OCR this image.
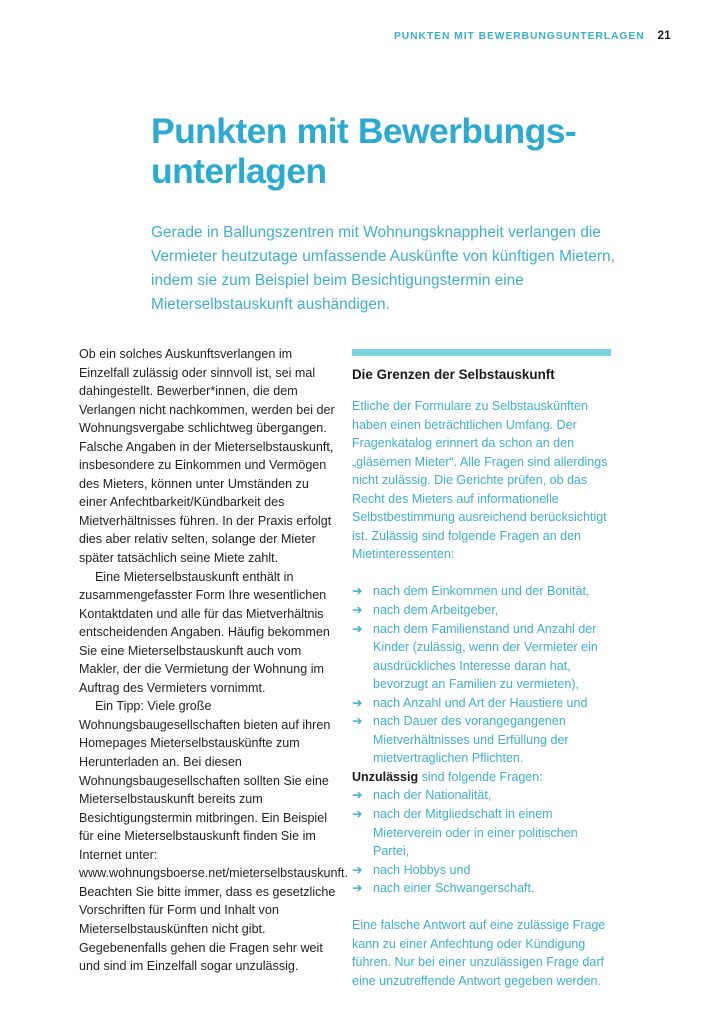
PUNKTEN MIT BEWERBUNGSUNTERLAGEN 21
Punkten mit Bewerbungsunterlagen

Gerade in Ballungszentren mit Wohnungsknappheit verlangen die Vermieter heutzutage umfassende Auskünfte von künftigen Mietern, indem sie zum Beispiel beim Besichtigungstermin eine Mieterselbstauskunft aushändigen.

Ob ein solches Auskunftsverlangen im Einzelfall zulässig oder sinnvoll ist, sei mal dahingestellt. Bewerber*innen, die dem Verlangen nicht nachkommen, werden bei der Wohnungsvergabe schlichtweg übergangen. Falsche Angaben in der Mieterselbstauskunft, insbesondere zu Einkommen und Vermögen des Mieters, können unter Umständen zu einer Anfechtbarkeit/Kündbarkeit des Mietverhältnisses führen. In der Praxis erfolgt dies aber relativ selten, solange der Mieter später tatsächlich seine Miete zahlt.

Eine Mieterselbstauskunft enthält in zusammengefasster Form Ihre wesentlichen Kontaktdaten und alle für das Mietverhältnis entscheidenden Angaben. Häufig bekommen Sie eine Mieterselbstauskunft auch vom Makler, der die Vermietung der Wohnung im Auftrag des Vermieters vornimmt.

Ein Tipp: Viele große Wohnungsbaugesellschaften bieten auf ihren Homepages Mieterselbstauskünfte zum Herunterladen an. Bei diesen Wohnungsbaugesellschaften sollten Sie eine Mieterselbstauskunft bereits zum Besichtigungstermin mitbringen. Ein Beispiel für eine Mieterselbstauskunft finden Sie im Internet unter: www.wohnungsboerse.net/mieterselbstauskunft. Beachten Sie bitte immer, dass es gesetzliche Vorschriften für Form und Inhalt von Mieterselbstauskünften nicht gibt. Gegebenenfalls gehen die Fragen sehr weit und sind im Einzelfall sogar unzulässig.

Die Grenzen der Selbstauskunft

Etliche der Formulare zu Selbstauskünften haben einen beträchtlichen Umfang. Der Fragenkatalog erinnert da schon an den „gläsernen Mieter“. Alle Fragen sind allerdings nicht zulässig. Die Gerichte prüfen, ob das Recht des Mieters auf informationelle Selbstbestimmung ausreichend berücksichtigt ist. Zulässig sind folgende Fragen an den Mietinteressenten:

➔ nach dem Einkommen und der Bonität,
➔ nach dem Arbeitgeber,
➔ nach dem Familienstand und Anzahl der Kinder (zulässig, wenn der Vermieter ein ausdrückliches Interesse daran hat, bevorzugt an Familien zu vermieten),
➔ nach Anzahl und Art der Haustiere und
➔ nach Dauer des vorangegangenen Mietverhältnisses und Erfüllung der mietvertraglichen Pflichten.

Unzulässig sind folgende Fragen:

➔ nach der Nationalität,
➔ nach der Mitgliedschaft in einem Mieterverein oder in einer politischen Partei,
➔ nach Hobbys und
➔ nach einer Schwangerschaft.

Eine falsche Antwort auf eine zulässige Frage kann zu einer Anfechtung oder Kündigung führen. Nur bei einer unzulässigen Frage darf eine unzutreffende Antwort gegeben werden.
